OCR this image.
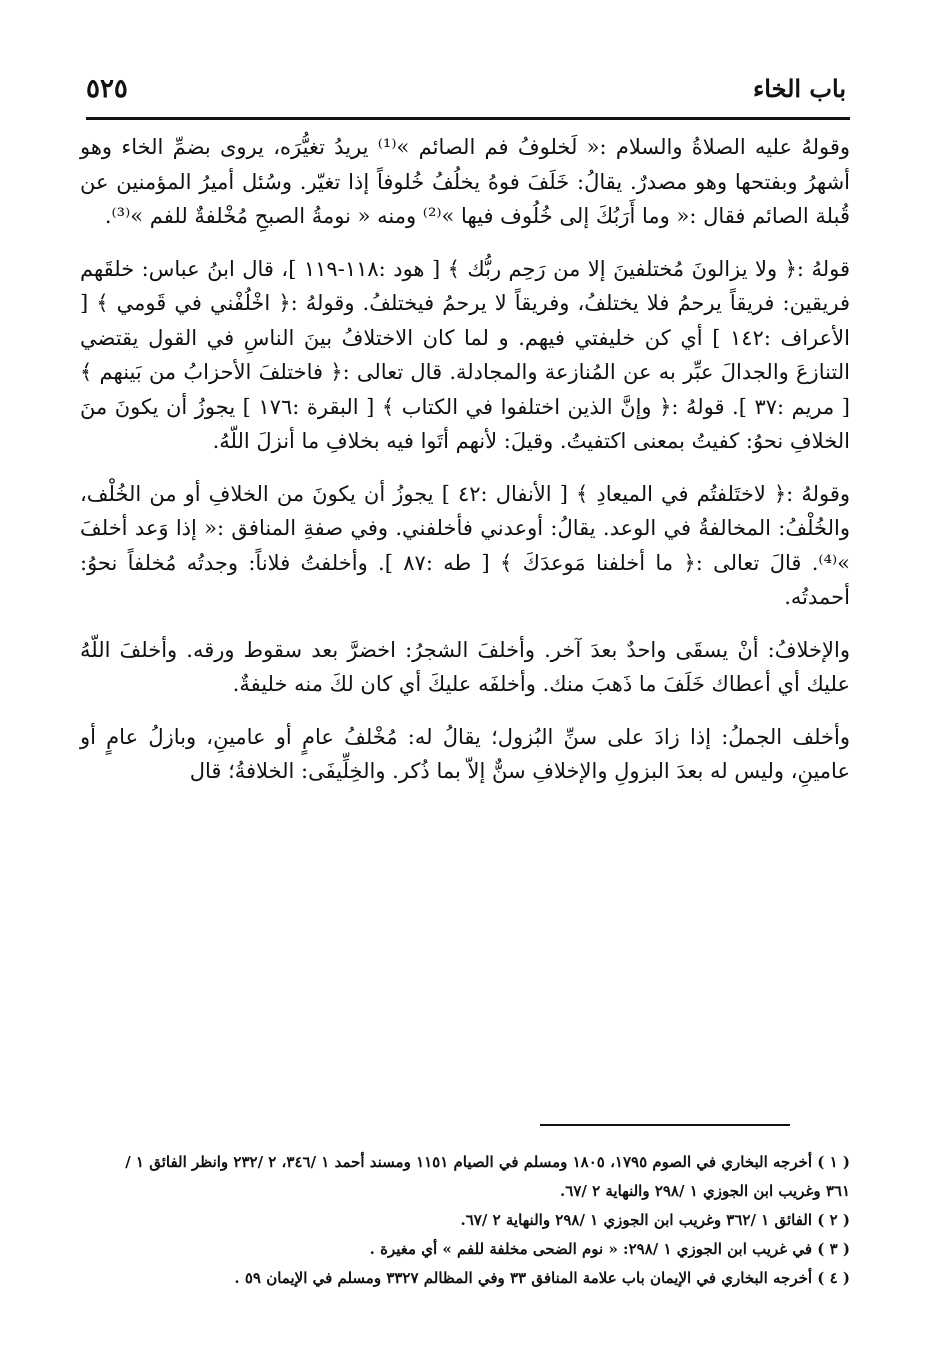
باب الخاء
٥٢٥

وقولهُ عليه الصلاةُ والسلام :« لَخلوفُ فم الصائم »⁽¹⁾ يريدُ تغيُّرَه، يروى بضمِّ الخاء وهو أشهرُ وبفتحها وهو مصدرٌ. يقالُ: خَلَفَ فوهُ يخلُفُ خُلوفاً إذا تغيّر. وسُئل أميرُ المؤمنين عن قُبلة الصائم فقال :« وما أَرَبُكَ إلى خُلُوف فيها »⁽²⁾ ومنه « نومةُ الصبحِ مُخْلفةٌ للفم »⁽³⁾.

قولهُ :﴿ ولا يزالونَ مُختلفينَ إلا من رَحِم ربُّك ﴾ [ هود :١١٨-١١٩ ]، قال ابنُ عباس: خلقَهم فريقين: فريقاً يرحمُ فلا يختلفُ، وفريقاً لا يرحمُ فيختلفُ. وقولهُ :﴿ اخْلُفْني في قَومي ﴾ [ الأعراف :١٤٢ ] أي كن خليفتي فيهم. و لما كان الاختلافُ بينَ الناسِ في القول يقتضي التنازعَ والجدالَ عبِّر به عن المُنازعة والمجادلة. قال تعالى :﴿ فاختلفَ الأحزابُ من بَينهم ﴾ [ مريم :٣٧ ]. قولهُ :﴿ وإنَّ الذين اختلفوا في الكتاب ﴾ [ البقرة :١٧٦ ] يجوزُ أن يكونَ منَ الخلافِ نحوُ: كفيتُ بمعنى اكتفيتُ. وقيلَ: لأنهم أتَوا فيه بخلافِ ما أنزلَ اللّهُ.

وقولهُ :﴿ لاختَلفتُم في الميعادِ ﴾ [ الأنفال :٤٢ ] يجوزُ أن يكونَ من الخلافِ أو من الخُلْف، والخُلْفُ: المخالفةُ في الوعد. يقالُ: أوعدني فأخلفني. وفي صفةِ المنافق :« إذا وَعد أخلفَ »⁽⁴⁾. قالَ تعالى :﴿ ما أخلفنا مَوعدَكَ ﴾ [ طه :٨٧ ]. وأخلفتُ فلاناً: وجدتُه مُخلفاً نحوُ: أحمدتُه.

والإخلافُ: أنْ يسقَى واحدٌ بعدَ آخر. وأخلفَ الشجرُ: اخضرَّ بعد سقوط ورقه. وأخلفَ اللّهُ عليك أي أعطاك خَلَفَ ما ذَهبَ منك. وأخلفَه عليكَ أي كان لكَ منه خليفةٌ.

وأخلف الجملُ: إذا زادَ على سنِّ البُزول؛ يقالُ له: مُخْلفُ عامٍ أو عامينِ، وبازلُ عامٍ أو عامينِ، وليس له بعدَ البزولِ والإخلافِ سنٌّ إلاّ بما ذُكر. والخِلِّيفَى: الخلافةُ؛ قال

( ١ ) أخرجه البخاري في الصوم ١٧٩٥، ١٨٠٥ ومسلم في الصيام ١١٥١ ومسند أحمد ١ /٣٤٦، ٢ /٢٣٢ وانظر الفائق ١ /٣٦١ وغريب ابن الجوزي ١ /٢٩٨ والنهاية ٢ /٦٧.
( ٢ ) الفائق ١ /٣٦٢ وغريب ابن الجوزي ١ /٢٩٨ والنهاية ٢ /٦٧.
( ٣ ) في غريب ابن الجوزي ١ /٢٩٨: « نوم الضحى مخلفة للفم » أي مغيرة .
( ٤ ) أخرجه البخاري في الإيمان باب علامة المنافق ٣٣ وفي المظالم ٣٣٢٧ ومسلم في الإيمان ٥٩ .
